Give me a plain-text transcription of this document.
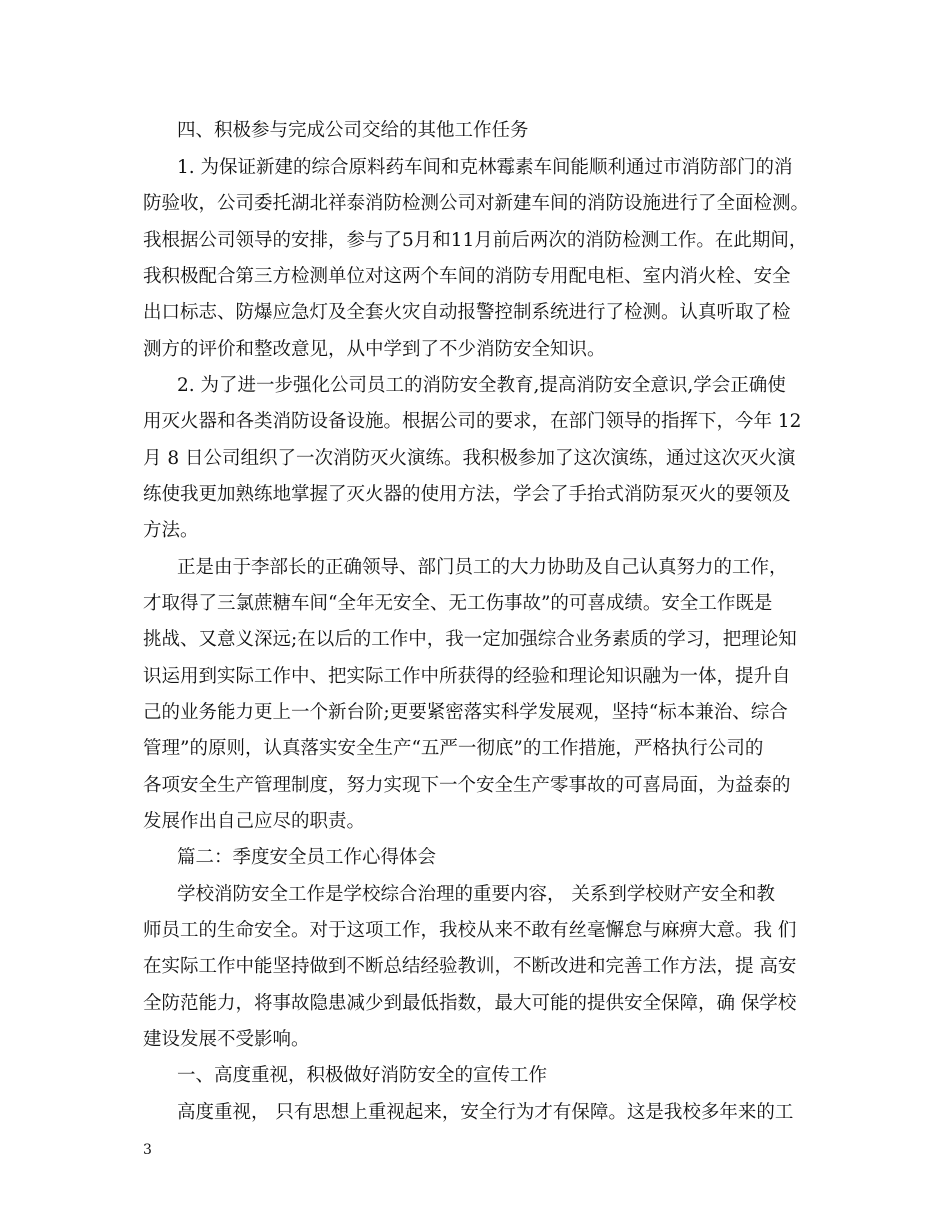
四、积极参与完成公司交给的其他工作任务
1. 为保证新建的综合原料药车间和克林霉素车间能顺利通过市消防部门的消
防验收，公司委托湖北祥泰消防检测公司对新建车间的消防设施进行了全面检测。
我根据公司领导的安排，参与了5月和11月前后两次的消防检测工作。在此期间，
我积极配合第三方检测单位对这两个车间的消防专用配电柜、室内消火栓、安全
出口标志、防爆应急灯及全套火灾自动报警控制系统进行了检测。认真听取了检
测方的评价和整改意见，从中学到了不少消防安全知识。
2. 为了进一步强化公司员工的消防安全教育,提高消防安全意识,学会正确使
用灭火器和各类消防设备设施。根据公司的要求，在部门领导的指挥下，今年 12
月 8 日公司组织了一次消防灭火演练。我积极参加了这次演练，通过这次灭火演
练使我更加熟练地掌握了灭火器的使用方法，学会了手抬式消防泵灭火的要领及
方法。
正是由于李部长的正确领导、部门员工的大力协助及自己认真努力的工作，
才取得了三氯蔗糖车间“全年无安全、无工伤事故”的可喜成绩。安全工作既是
挑战、又意义深远;在以后的工作中，我一定加强综合业务素质的学习，把理论知
识运用到实际工作中、把实际工作中所获得的经验和理论知识融为一体，提升自
己的业务能力更上一个新台阶;更要紧密落实科学发展观，坚持“标本兼治、综合
管理”的原则，认真落实安全生产“五严一彻底”的工作措施，严格执行公司的
各项安全生产管理制度，努力实现下一个安全生产零事故的可喜局面，为益泰的
发展作出自己应尽的职责。
篇二：季度安全员工作心得体会
学校消防安全工作是学校综合治理的重要内容， 关系到学校财产安全和教
师员工的生命安全。对于这项工作，我校从来不敢有丝毫懈怠与麻痹大意。我 们
在实际工作中能坚持做到不断总结经验教训，不断改进和完善工作方法，提 高安
全防范能力，将事故隐患减少到最低指数，最大可能的提供安全保障，确 保学校
建设发展不受影响。
一、高度重视，积极做好消防安全的宣传工作
高度重视， 只有思想上重视起来，安全行为才有保障。这是我校多年来的工
3
